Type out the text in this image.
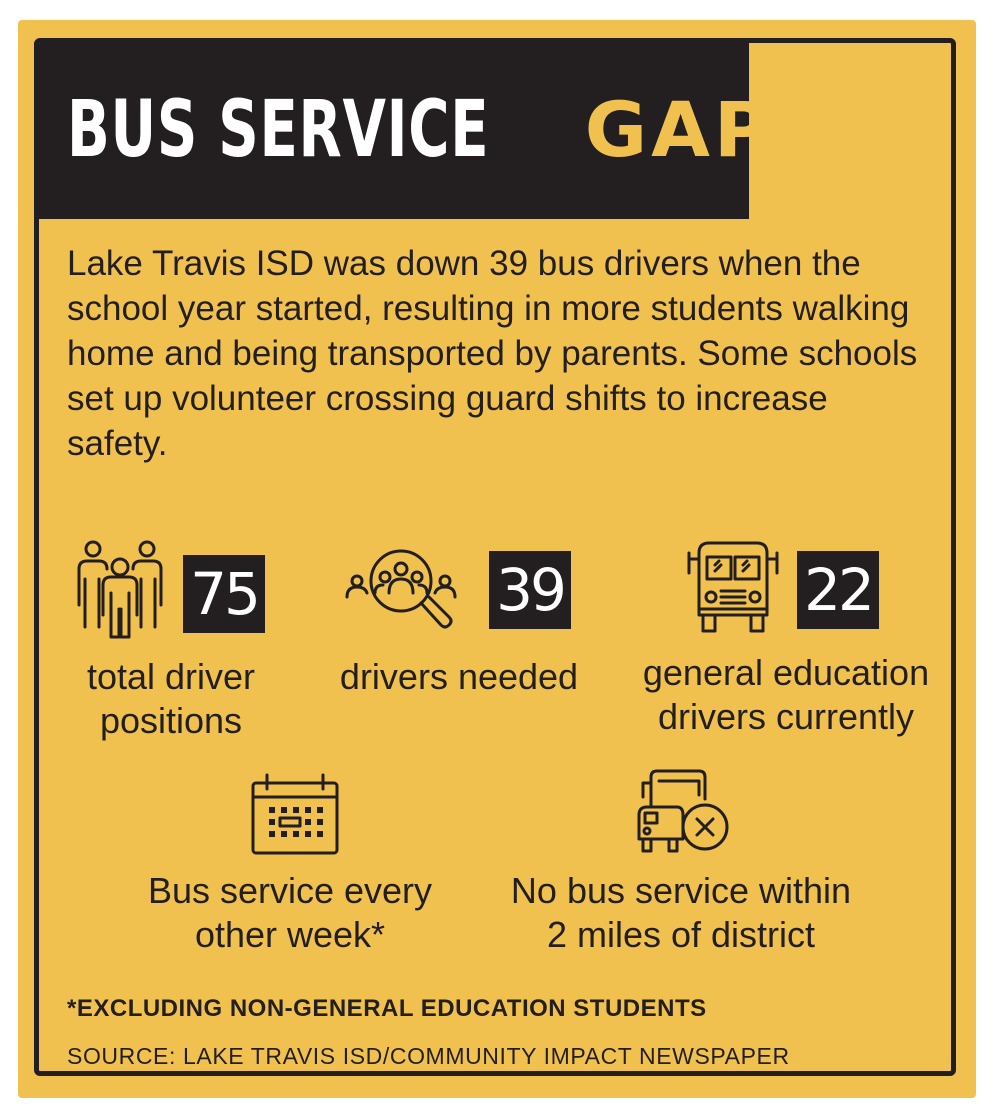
BUS SERVICE GAPS

Lake Travis ISD was down 39 bus drivers when the school year started, resulting in more students walking home and being transported by parents. Some schools set up volunteer crossing guard shifts to increase safety.

75

total driver
positions

39

drivers needed

22

general education
drivers currently

Bus service every
other week*

No bus service within
2 miles of district

*EXCLUDING NON-GENERAL EDUCATION STUDENTS

SOURCE: LAKE TRAVIS ISD/COMMUNITY IMPACT NEWSPAPER
